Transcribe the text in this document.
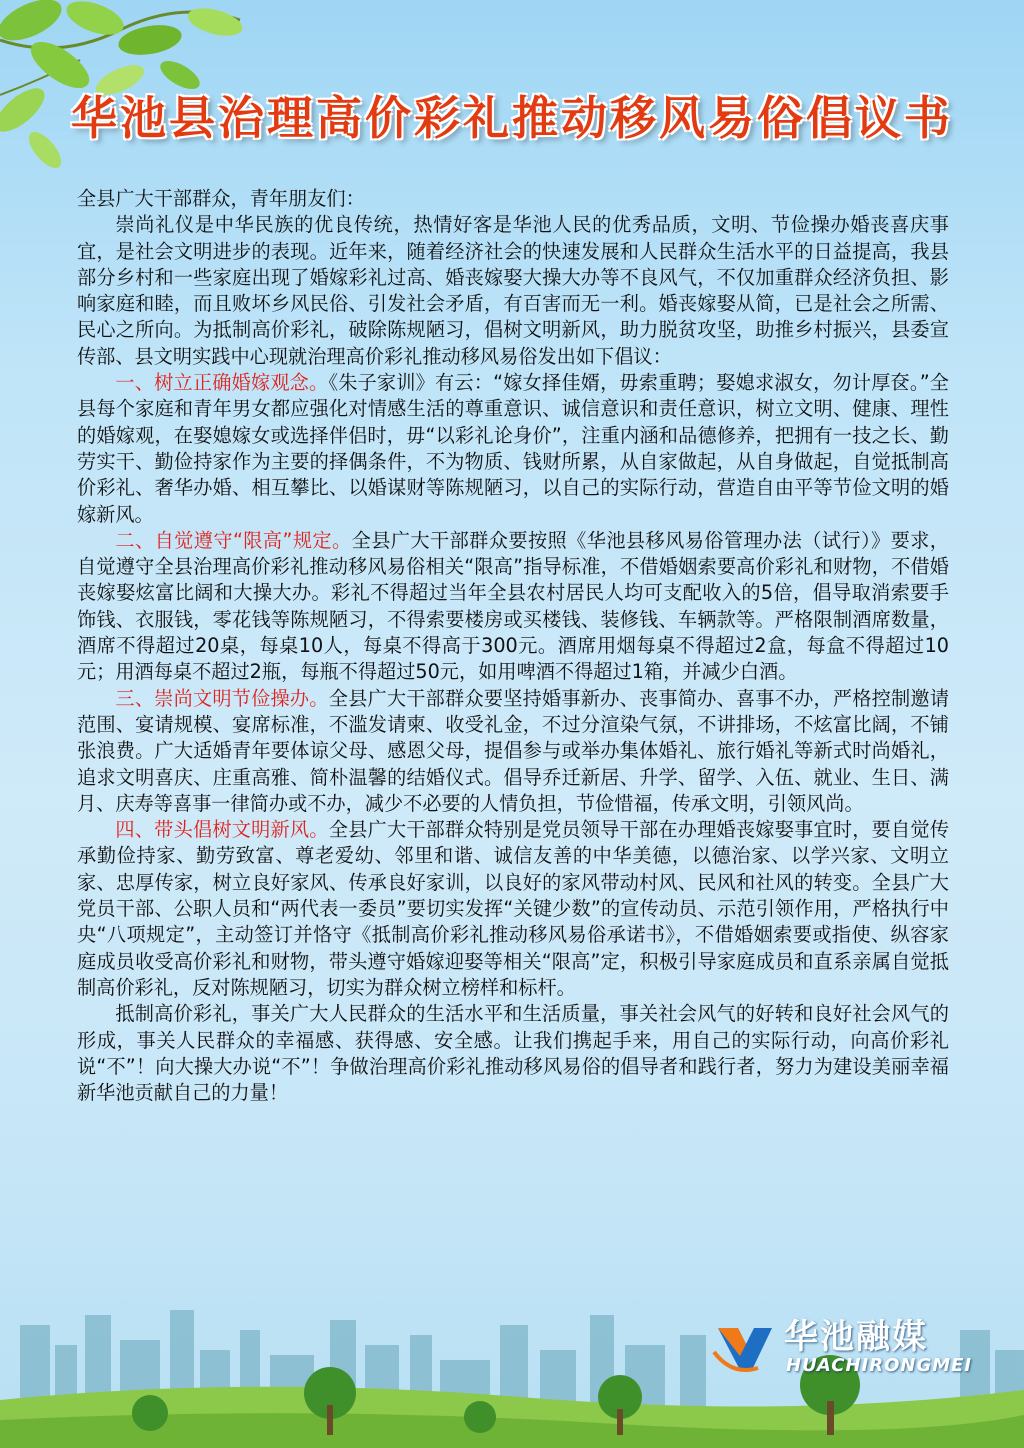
华池县治理高价彩礼推动移风易俗倡议书

全县广大干部群众，青年朋友们：

崇尚礼仪是中华民族的优良传统，热情好客是华池人民的优秀品质，文明、节俭操办婚丧喜庆事宜，是社会文明进步的表现。近年来，随着经济社会的快速发展和人民群众生活水平的日益提高，我县部分乡村和一些家庭出现了婚嫁彩礼过高、婚丧嫁娶大操大办等不良风气，不仅加重群众经济负担、影响家庭和睦，而且败坏乡风民俗、引发社会矛盾，有百害而无一利。婚丧嫁娶从简，已是社会之所需、民心之所向。为抵制高价彩礼，破除陈规陋习，倡树文明新风，助力脱贫攻坚，助推乡村振兴，县委宣传部、县文明实践中心现就治理高价彩礼推动移风易俗发出如下倡议：

一、树立正确婚嫁观念。《朱子家训》有云：“嫁女择佳婿，毋索重聘；娶媳求淑女，勿计厚奁。”全县每个家庭和青年男女都应强化对情感生活的尊重意识、诚信意识和责任意识，树立文明、健康、理性的婚嫁观，在娶媳嫁女或选择伴侣时，毋“以彩礼论身价”，注重内涵和品德修养，把拥有一技之长、勤劳实干、勤俭持家作为主要的择偶条件，不为物质、钱财所累，从自家做起，从自身做起，自觉抵制高价彩礼、奢华办婚、相互攀比、以婚谋财等陈规陋习，以自己的实际行动，营造自由平等节俭文明的婚嫁新风。

二、自觉遵守“限高”规定。全县广大干部群众要按照《华池县移风易俗管理办法（试行）》要求，自觉遵守全县治理高价彩礼推动移风易俗相关“限高”指导标准，不借婚姻索要高价彩礼和财物，不借婚丧嫁娶炫富比阔和大操大办。彩礼不得超过当年全县农村居民人均可支配收入的5倍，倡导取消索要手饰钱、衣服钱，零花钱等陈规陋习，不得索要楼房或买楼钱、装修钱、车辆款等。严格限制酒席数量，酒席不得超过20桌，每桌10人，每桌不得高于300元。酒席用烟每桌不得超过2盒，每盒不得超过10元；用酒每桌不超过2瓶，每瓶不得超过50元，如用啤酒不得超过1箱，并减少白酒。

三、崇尚文明节俭操办。全县广大干部群众要坚持婚事新办、丧事简办、喜事不办，严格控制邀请范围、宴请规模、宴席标准，不滥发请柬、收受礼金，不过分渲染气氛，不讲排场，不炫富比阔，不铺张浪费。广大适婚青年要体谅父母、感恩父母，提倡参与或举办集体婚礼、旅行婚礼等新式时尚婚礼，追求文明喜庆、庄重高雅、简朴温馨的结婚仪式。倡导乔迁新居、升学、留学、入伍、就业、生日、满月、庆寿等喜事一律简办或不办，减少不必要的人情负担，节俭惜福，传承文明，引领风尚。

四、带头倡树文明新风。全县广大干部群众特别是党员领导干部在办理婚丧嫁娶事宜时，要自觉传承勤俭持家、勤劳致富、尊老爱幼、邻里和谐、诚信友善的中华美德，以德治家、以学兴家、文明立家、忠厚传家，树立良好家风、传承良好家训，以良好的家风带动村风、民风和社风的转变。全县广大党员干部、公职人员和“两代表一委员”要切实发挥“关键少数”的宣传动员、示范引领作用，严格执行中央“八项规定”，主动签订并恪守《抵制高价彩礼推动移风易俗承诺书》，不借婚姻索要或指使、纵容家庭成员收受高价彩礼和财物，带头遵守婚嫁迎娶等相关“限高”定，积极引导家庭成员和直系亲属自觉抵制高价彩礼，反对陈规陋习，切实为群众树立榜样和标杆。

抵制高价彩礼，事关广大人民群众的生活水平和生活质量，事关社会风气的好转和良好社会风气的形成，事关人民群众的幸福感、获得感、安全感。让我们携起手来，用自己的实际行动，向高价彩礼说“不”！向大操大办说“不”！争做治理高价彩礼推动移风易俗的倡导者和践行者，努力为建设美丽幸福新华池贡献自己的力量！

华池融媒
HUACHIRONGMEI
